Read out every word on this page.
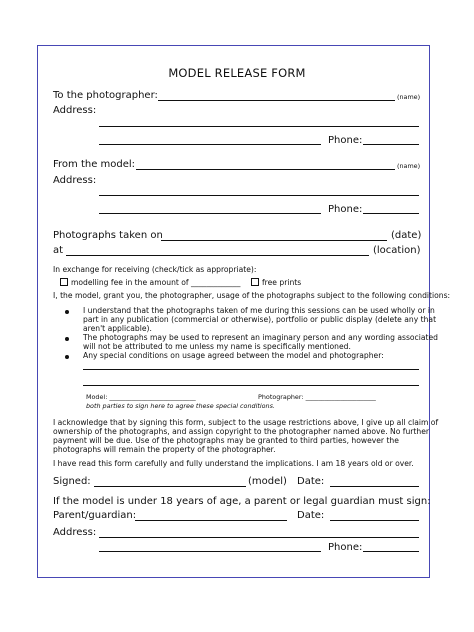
MODEL RELEASE FORM
To the photographer:	(name)
Address:
Phone:
From the model:	(name)
Address:
Phone:
Photographs taken on	(date)
at	(location)
In exchange for receiving (check/tick as appropriate):
modelling fee in the amount of _____________	free prints
I, the model, grant you, the photographer, usage of the photographs subject to the following conditions:
I understand that the photographs taken of me during this sessions can be used wholly or in
part in any publication (commercial or otherwise), portfolio or public display (delete any that
aren't applicable).
The photographs may be used to represent an imaginary person and any wording associated
will not be attributed to me unless my name is specifically mentioned.
Any special conditions on usage agreed between the model and photographer:
Model: ___________________________	Photographer: ______________________
both parties to sign here to agree these special conditions.
I acknowledge that by signing this form, subject to the usage restrictions above, I give up all claim of
ownership of the photographs, and assign copyright to the photographer named above. No further
payment will be due. Use of the photographs may be granted to third parties, however the
photographs will remain the property of the photographer.
I have read this form carefully and fully understand the implications. I am 18 years old or over.
Signed:	(model) Date:
If the model is under 18 years of age, a parent or legal guardian must sign:
Parent/guardian:	Date:
Address:
Phone:
